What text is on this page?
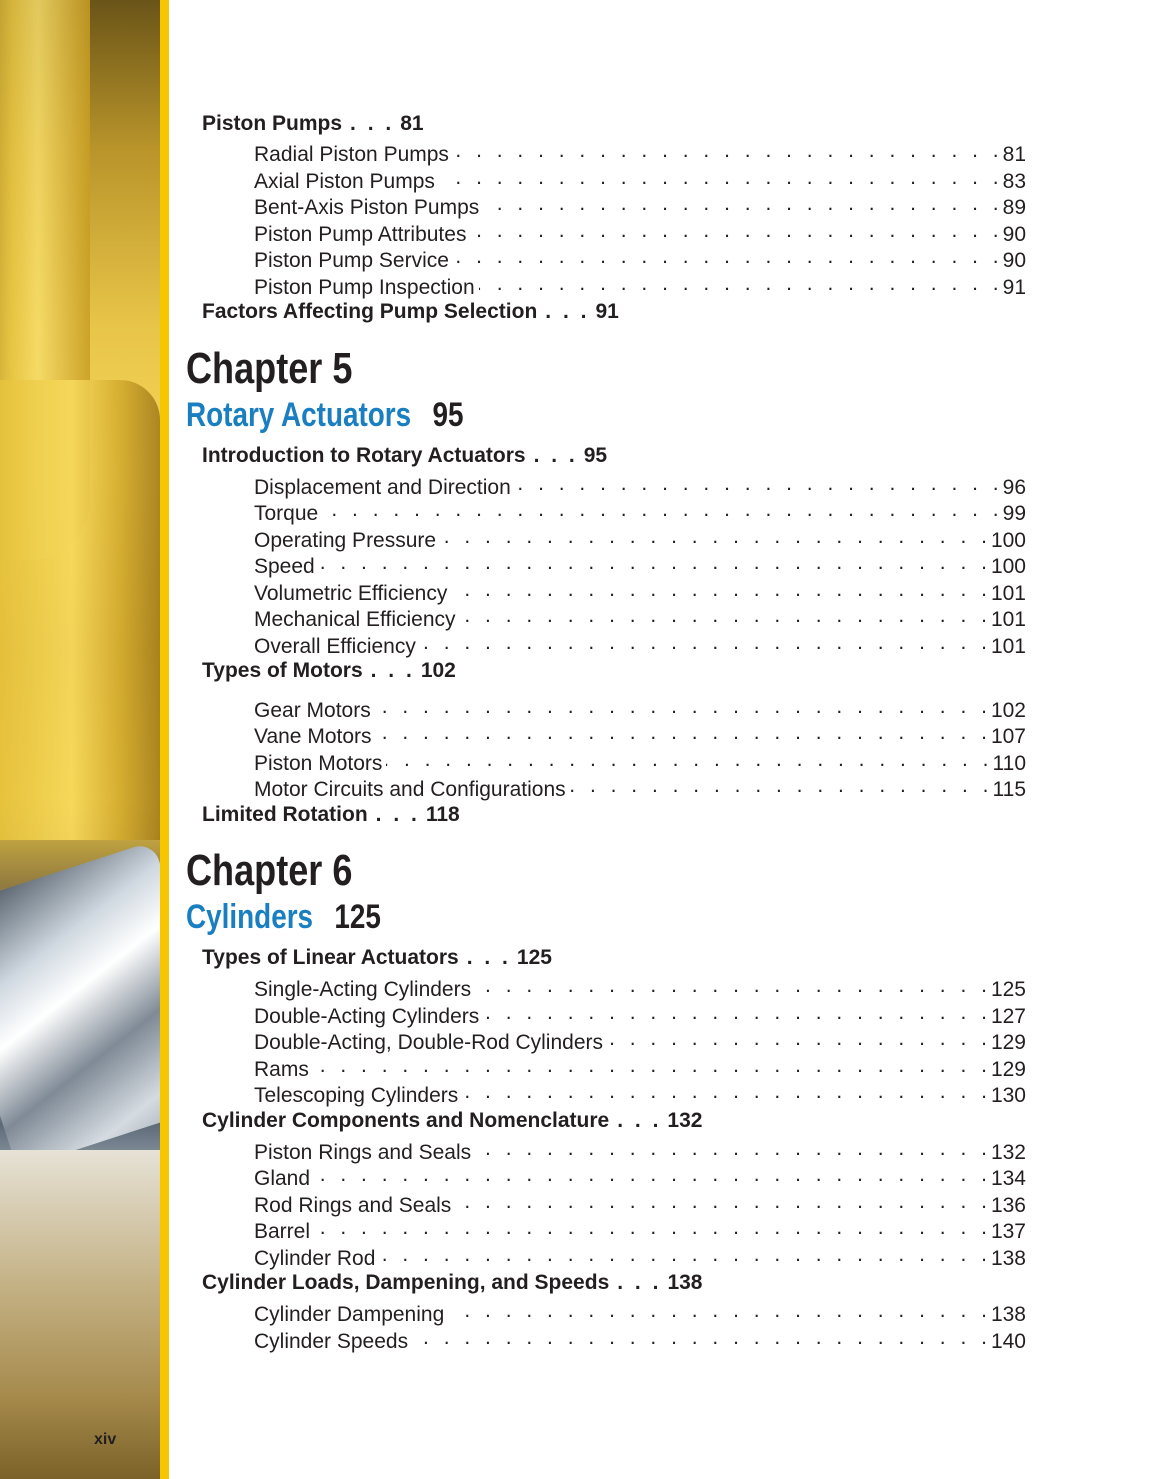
xiv
Piston Pumps . . . 81
Radial Piston Pumps . . .	81
Axial Piston Pumps . . .	83
Bent-Axis Piston Pumps . . .	89
Piston Pump Attributes . . .	90
Piston Pump Service . . .	90
Piston Pump Inspection . . .	91
Factors Affecting Pump Selection . . . 91
Chapter 5
Rotary Actuators 95
Introduction to Rotary Actuators . . . 95
Displacement and Direction . . .	96
Torque . . .	99
Operating Pressure . . .	100
Speed . . .	100
Volumetric Efficiency . . .	101
Mechanical Efficiency . . .	101
Overall Efficiency . . .	101
Types of Motors . . . 102
Gear Motors . . .	102
Vane Motors . . .	107
Piston Motors . . .	110
Motor Circuits and Configurations . . .	115
Limited Rotation . . . 118
Chapter 6
Cylinders 125
Types of Linear Actuators . . . 125
Single-Acting Cylinders . . .	125
Double-Acting Cylinders . . .	127
Double-Acting, Double-Rod Cylinders . . .	129
Rams . . .	129
Telescoping Cylinders . . .	130
Cylinder Components and Nomenclature . . . 132
Piston Rings and Seals . . .	132
Gland . . .	134
Rod Rings and Seals . . .	136
Barrel . . .	137
Cylinder Rod . . .	138
Cylinder Loads, Dampening, and Speeds . . . 138
Cylinder Dampening . . .	138
Cylinder Speeds . . .	140
